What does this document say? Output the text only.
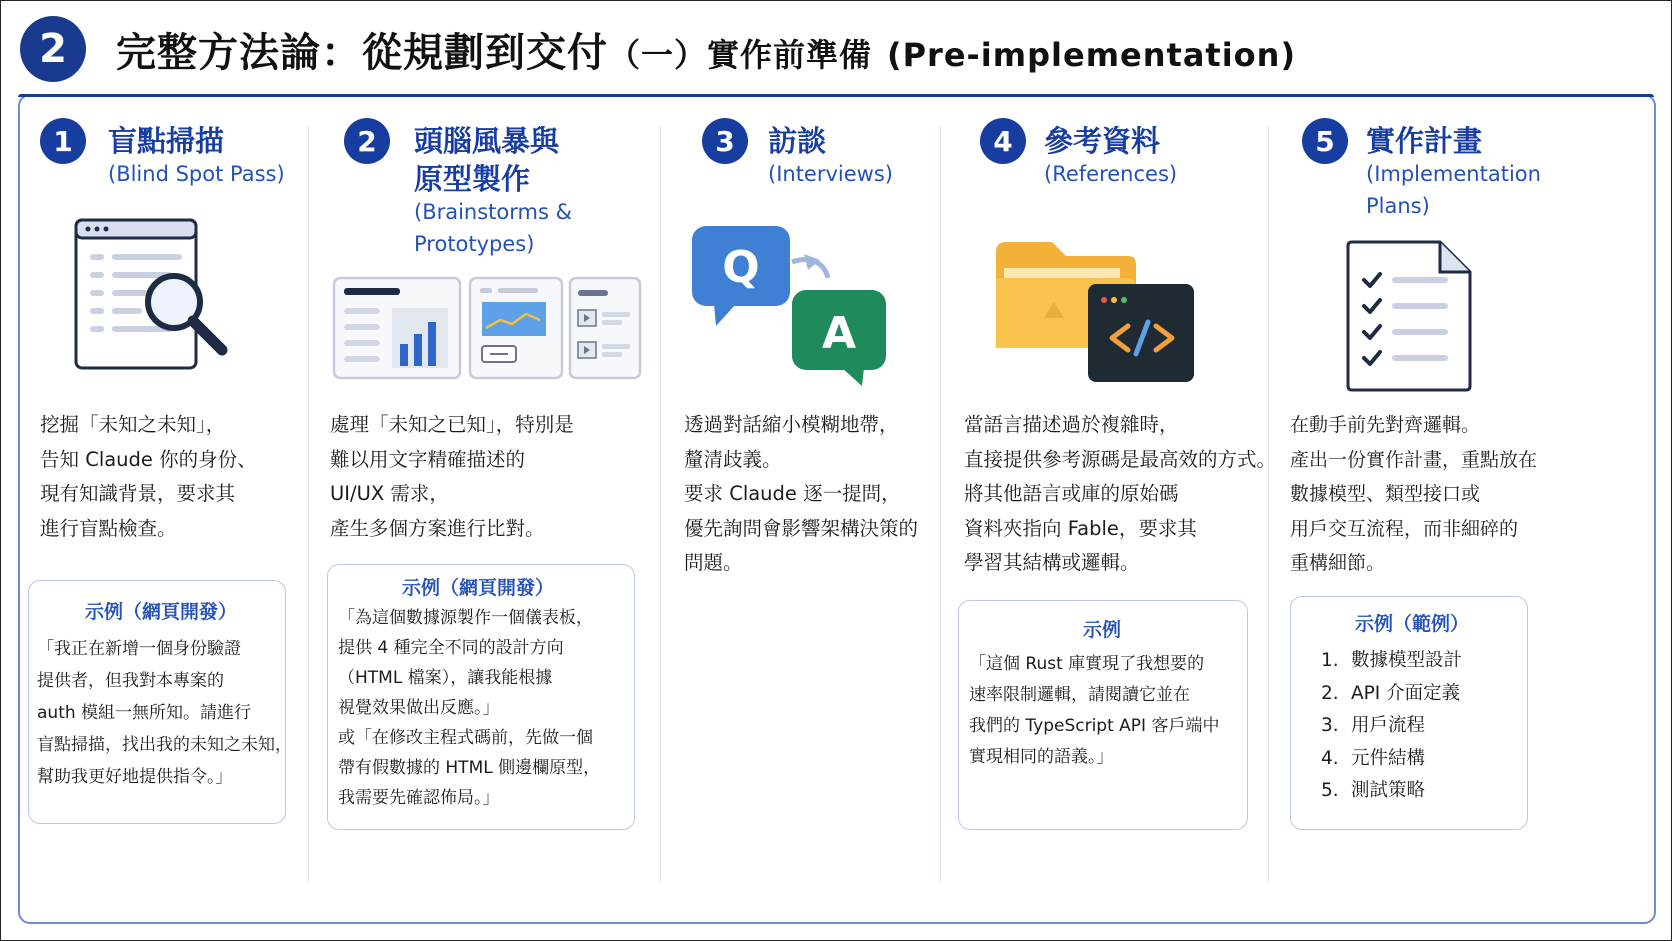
2	完整方法論：從規劃到交付（一）實作前準備 (Pre-implementation)
1	盲點掃描
(Blind Spot Pass)
挖掘「未知之未知」，
告知 Claude 你的身份、
現有知識背景，要求其
進行盲點檢查。
示例（網頁開發）
「我正在新增一個身份驗證
提供者，但我對本專案的
auth 模組一無所知。請進行
盲點掃描，找出我的未知之未知，
幫助我更好地提供指令。」
2	頭腦風暴與
原型製作
(Brainstorms &
Prototypes)
處理「未知之已知」，特別是
難以用文字精確描述的
UI/UX 需求，
產生多個方案進行比對。
示例（網頁開發）
「為這個數據源製作一個儀表板，
提供 4 種完全不同的設計方向
（HTML 檔案），讓我能根據
視覺效果做出反應。」
或「在修改主程式碼前，先做一個
帶有假數據的 HTML 側邊欄原型，
我需要先確認佈局。」
3	訪談
(Interviews)
Q
A
透過對話縮小模糊地帶，
釐清歧義。
要求 Claude 逐一提問，
優先詢問會影響架構決策的
問題。
4	參考資料
(References)
當語言描述過於複雜時，
直接提供參考源碼是最高效的方式。
將其他語言或庫的原始碼
資料夾指向 Fable，要求其
學習其結構或邏輯。
示例
「這個 Rust 庫實現了我想要的
速率限制邏輯，請閱讀它並在
我們的 TypeScript API 客戶端中
實現相同的語義。」
5	實作計畫
(Implementation
Plans)
在動手前先對齊邏輯。
產出一份實作計畫，重點放在
數據模型、類型接口或
用戶交互流程，而非細碎的
重構細節。
示例（範例）
1. 數據模型設計
2. API 介面定義
3. 用戶流程
4. 元件結構
5. 測試策略
